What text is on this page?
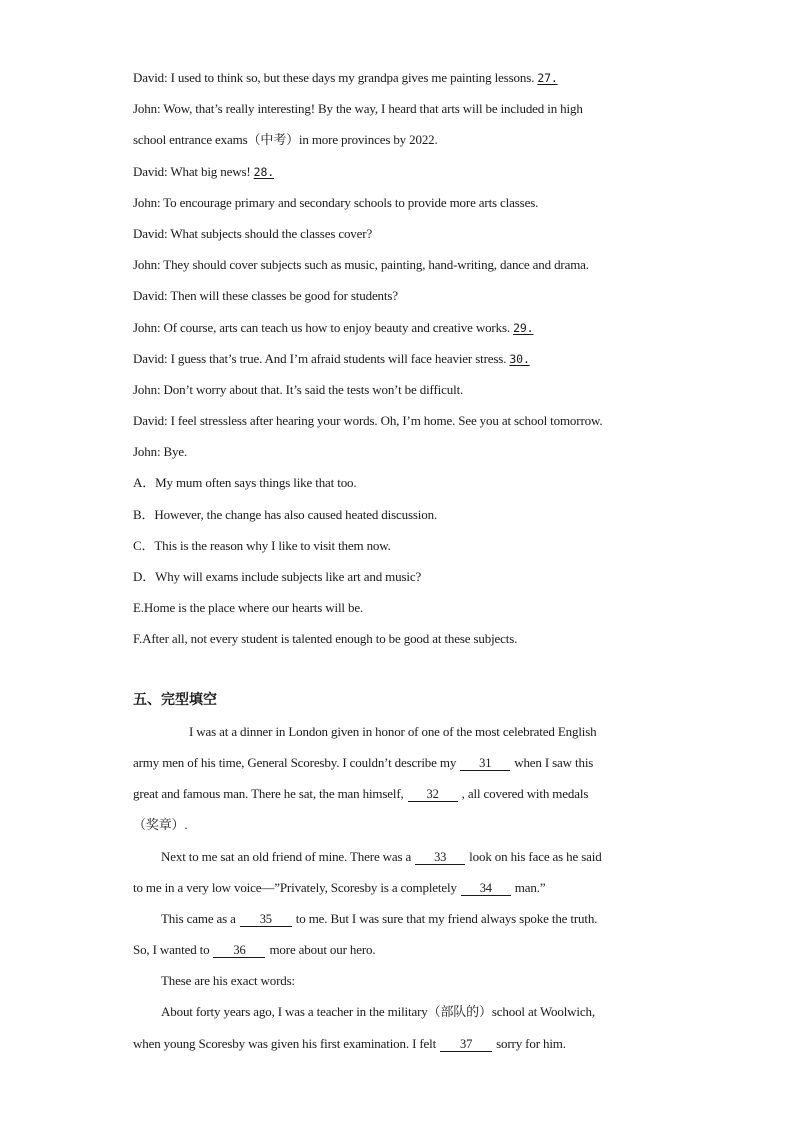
David: I used to think so, but these days my grandpa gives me painting lessons. 27.
John: Wow, that’s really interesting! By the way, I heard that arts will be included in high
school entrance exams（中考）in more provinces by 2022.
David: What big news! 28.
John: To encourage primary and secondary schools to provide more arts classes.
David: What subjects should the classes cover?
John: They should cover subjects such as music, painting, hand-writing, dance and drama.
David: Then will these classes be good for students?
John: Of course, arts can teach us how to enjoy beauty and creative works. 29.
David: I guess that’s true. And I’m afraid students will face heavier stress. 30.
John: Don’t worry about that. It’s said the tests won’t be difficult.
David: I feel stressless after hearing your words. Oh, I’m home. See you at school tomorrow.
John: Bye.
A．My mum often says things like that too.
B．However, the change has also caused heated discussion.
C．This is the reason why I like to visit them now.
D．Why will exams include subjects like art and music?
E.Home is the place where our hearts will be.
F.After all, not every student is talented enough to be good at these subjects.
五、完型填空
I was at a dinner in London given in honor of one of the most celebrated English
army men of his time, General Scoresby. I couldn’t describe my 31 when I saw this
great and famous man. There he sat, the man himself, 32 , all covered with medals
（奖章）.
Next to me sat an old friend of mine. There was a 33 look on his face as he said
to me in a very low voice—”Privately, Scoresby is a completely 34 man.”
This came as a 35 to me. But I was sure that my friend always spoke the truth.
So, I wanted to 36 more about our hero.
These are his exact words:
About forty years ago, I was a teacher in the military（部队的）school at Woolwich,
when young Scoresby was given his first examination. I felt 37 sorry for him.
